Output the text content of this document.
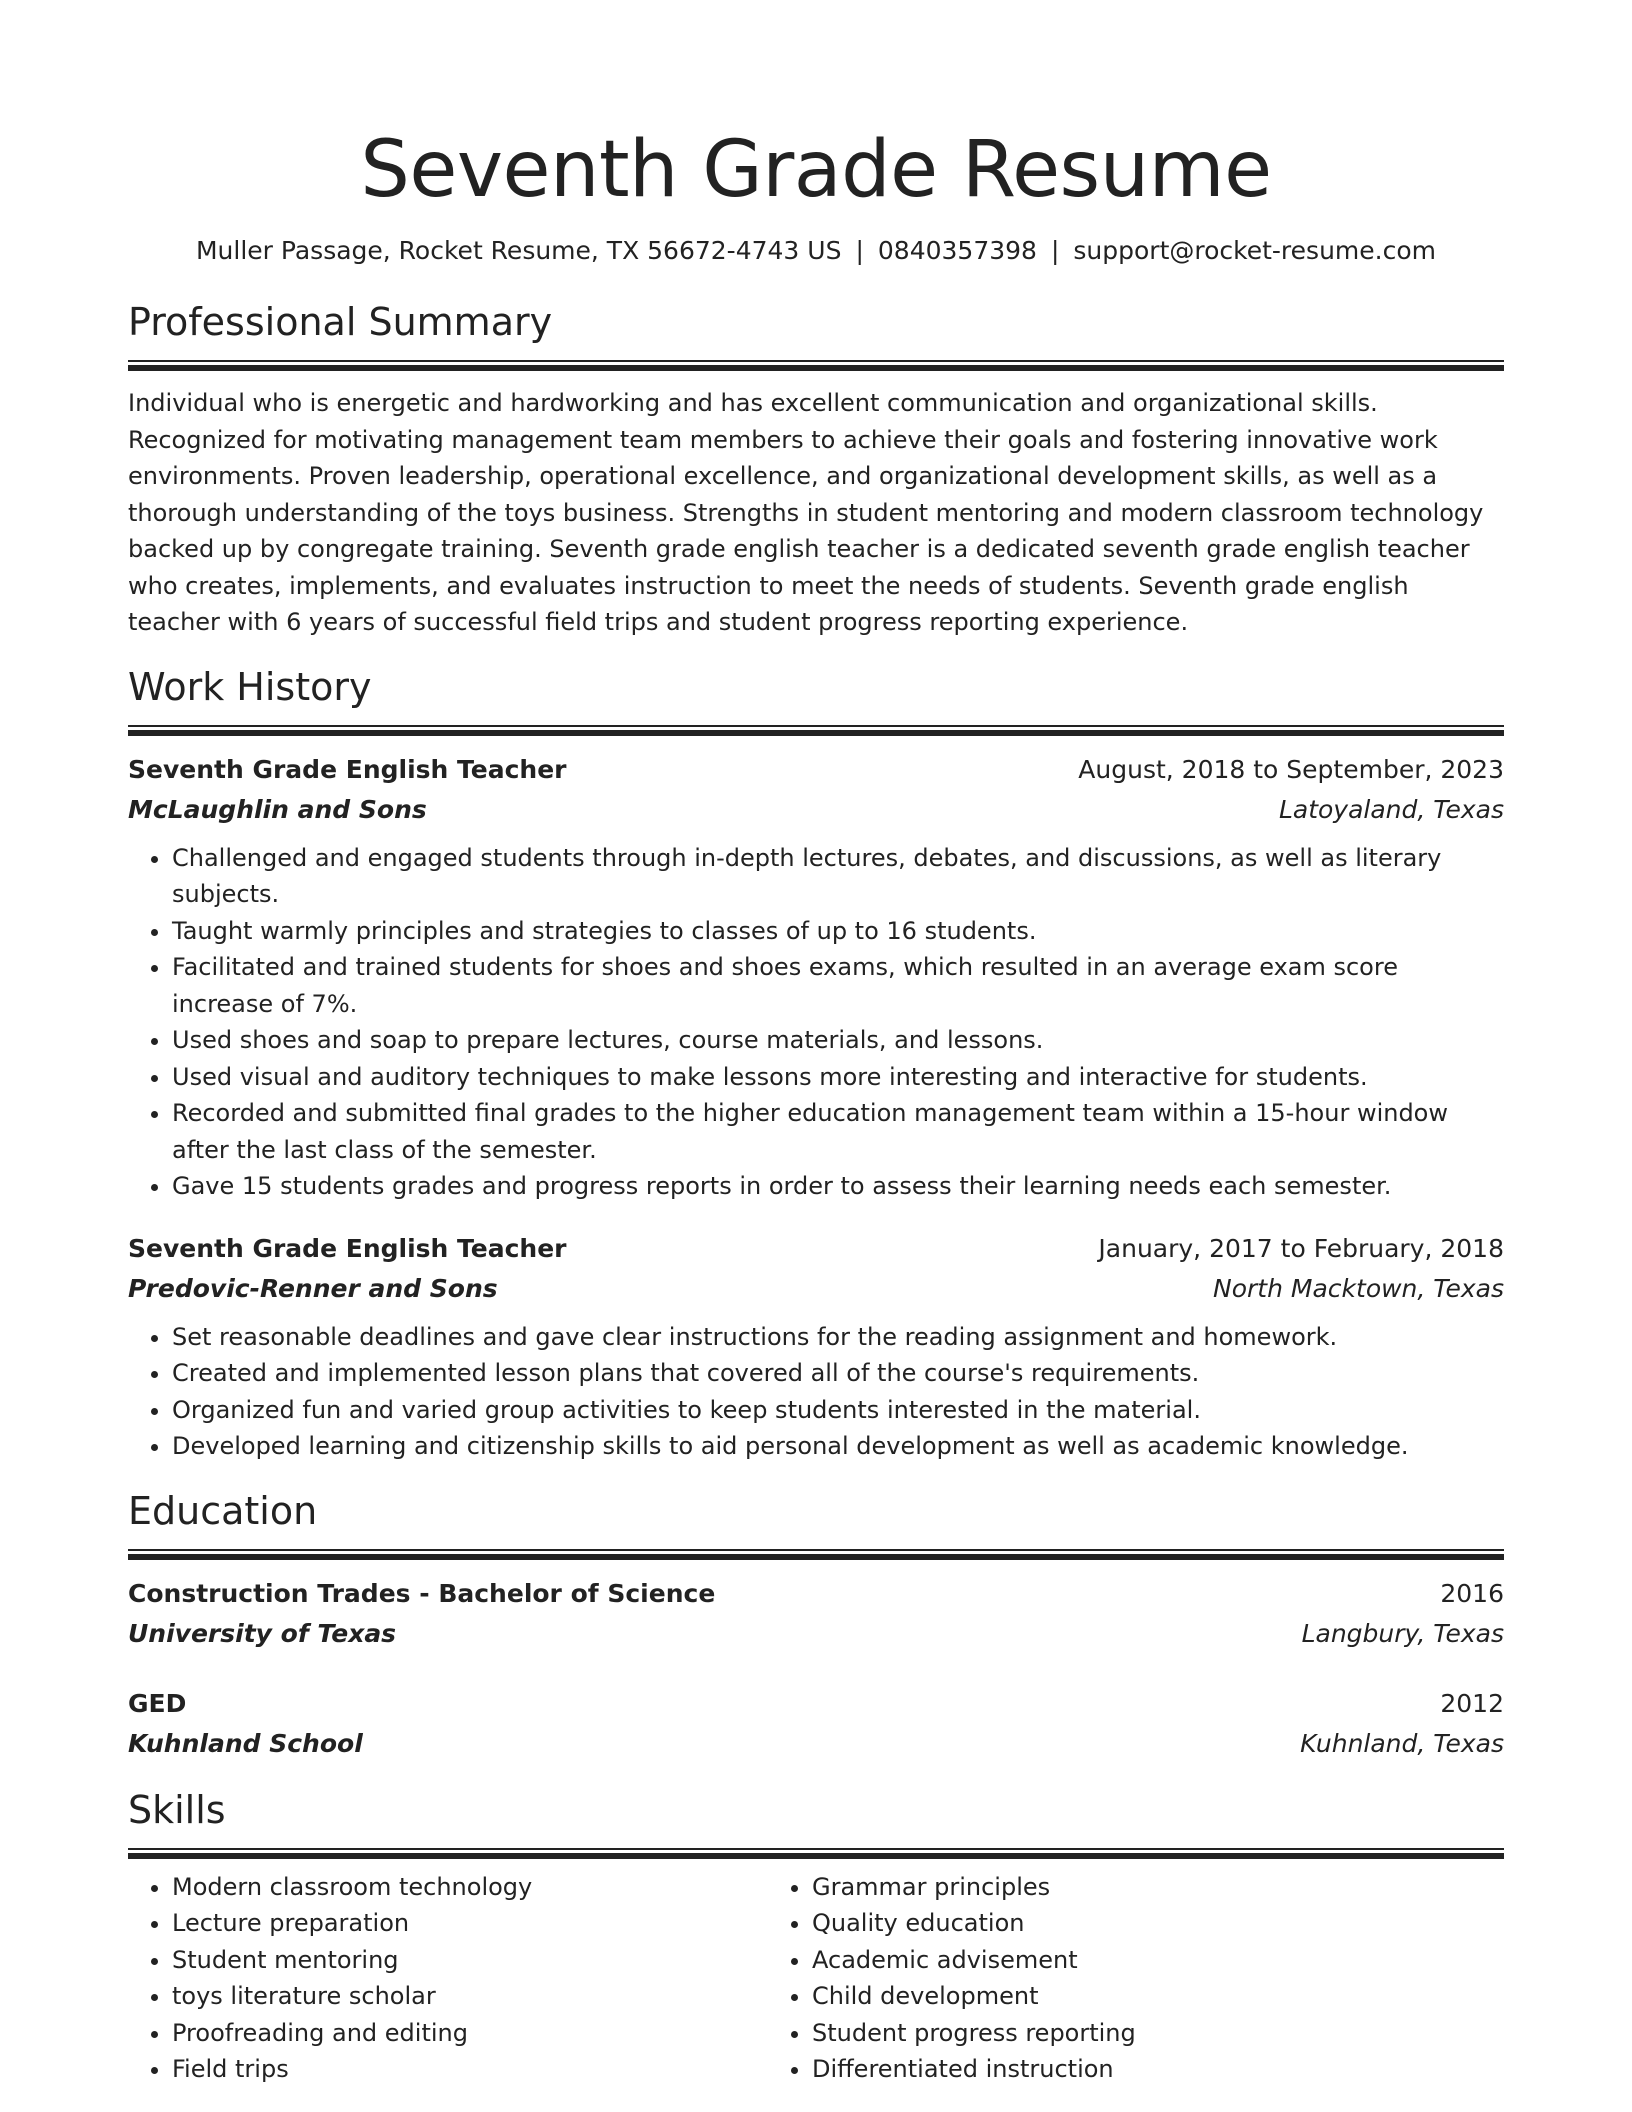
Seventh Grade Resume
Muller Passage, Rocket Resume, TX 56672-4743 US | 0840357398 | support@rocket-resume.com
Professional Summary
Individual who is energetic and hardworking and has excellent communication and organizational skills. Recognized for motivating management team members to achieve their goals and fostering innovative work environments. Proven leadership, operational excellence, and organizational development skills, as well as a thorough understanding of the toys business. Strengths in student mentoring and modern classroom technology backed up by congregate training. Seventh grade english teacher is a dedicated seventh grade english teacher who creates, implements, and evaluates instruction to meet the needs of students. Seventh grade english teacher with 6 years of successful field trips and student progress reporting experience.
Work History
Seventh Grade English Teacher	August, 2018 to September, 2023
McLaughlin and Sons	Latoyaland, Texas
• Challenged and engaged students through in-depth lectures, debates, and discussions, as well as literary subjects.
• Taught warmly principles and strategies to classes of up to 16 students.
• Facilitated and trained students for shoes and shoes exams, which resulted in an average exam score increase of 7%.
• Used shoes and soap to prepare lectures, course materials, and lessons.
• Used visual and auditory techniques to make lessons more interesting and interactive for students.
• Recorded and submitted final grades to the higher education management team within a 15-hour window after the last class of the semester.
• Gave 15 students grades and progress reports in order to assess their learning needs each semester.
Seventh Grade English Teacher	January, 2017 to February, 2018
Predovic-Renner and Sons	North Macktown, Texas
• Set reasonable deadlines and gave clear instructions for the reading assignment and homework.
• Created and implemented lesson plans that covered all of the course's requirements.
• Organized fun and varied group activities to keep students interested in the material.
• Developed learning and citizenship skills to aid personal development as well as academic knowledge.
Education
Construction Trades - Bachelor of Science	2016
University of Texas	Langbury, Texas
GED	2012
Kuhnland School	Kuhnland, Texas
Skills
• Modern classroom technology
• Lecture preparation
• Student mentoring
• toys literature scholar
• Proofreading and editing
• Field trips
• Grammar principles
• Quality education
• Academic advisement
• Child development
• Student progress reporting
• Differentiated instruction
